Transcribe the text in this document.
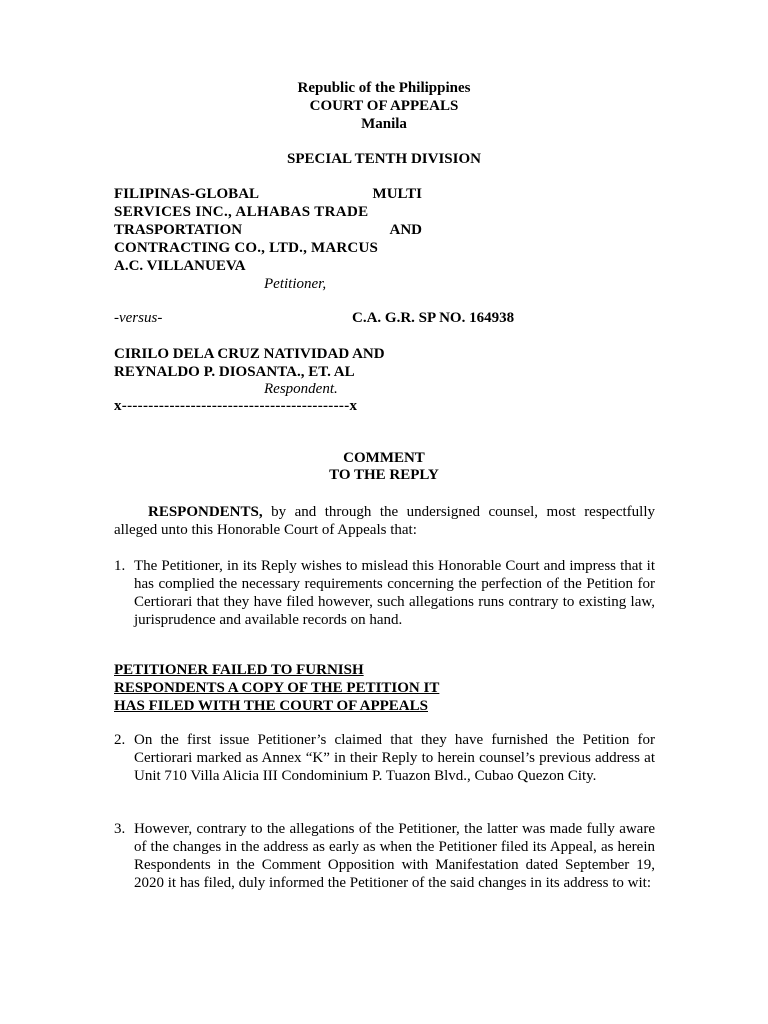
Republic of the Philippines
COURT OF APPEALS
Manila
SPECIAL TENTH DIVISION
FILIPINAS-GLOBAL	MULTI
SERVICES INC., ALHABAS TRADE
TRASPORTATION	AND
CONTRACTING CO., LTD., MARCUS
A.C. VILLANUEVA
Petitioner,
-versus-	C.A. G.R. SP NO. 164938
CIRILO DELA CRUZ NATIVIDAD AND
REYNALDO P. DIOSANTA., ET. AL
Respondent.
x-------------------------------------------x
COMMENT
TO THE REPLY
RESPONDENTS, by and through the undersigned counsel, most respectfully alleged unto this Honorable Court of Appeals that:
1. The Petitioner, in its Reply wishes to mislead this Honorable Court and impress that it has complied the necessary requirements concerning the perfection of the Petition for Certiorari that they have filed however, such allegations runs contrary to existing law, jurisprudence and available records on hand.
PETITIONER FAILED TO FURNISH
RESPONDENTS A COPY OF THE PETITION IT
HAS FILED WITH THE COURT OF APPEALS
2. On the first issue Petitioner’s claimed that they have furnished the Petition for Certiorari marked as Annex “K” in their Reply to herein counsel’s previous address at Unit 710 Villa Alicia III Condominium P. Tuazon Blvd., Cubao Quezon City.
3. However, contrary to the allegations of the Petitioner, the latter was made fully aware of the changes in the address as early as when the Petitioner filed its Appeal, as herein Respondents in the Comment Opposition with Manifestation dated September 19, 2020 it has filed, duly informed the Petitioner of the said changes in its address to wit:
